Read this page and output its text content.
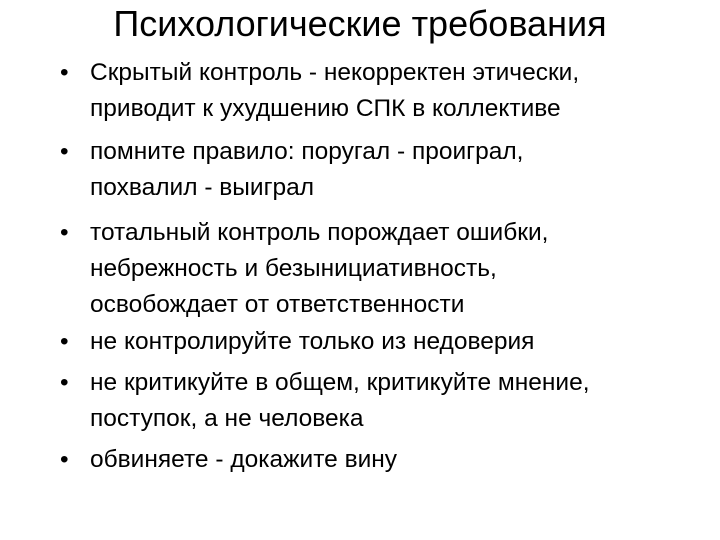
Психологические требования
• Скрытый контроль - некорректен этически,
приводит к ухудшению СПК в коллективе
• помните правило: поругал - проиграл,
похвалил - выиграл
• тотальный контроль порождает ошибки,
небрежность и безынициативность,
освобождает от ответственности
• не контролируйте только из недоверия
• не критикуйте в общем, критикуйте мнение,
поступок, а не человека
• обвиняете - докажите вину
